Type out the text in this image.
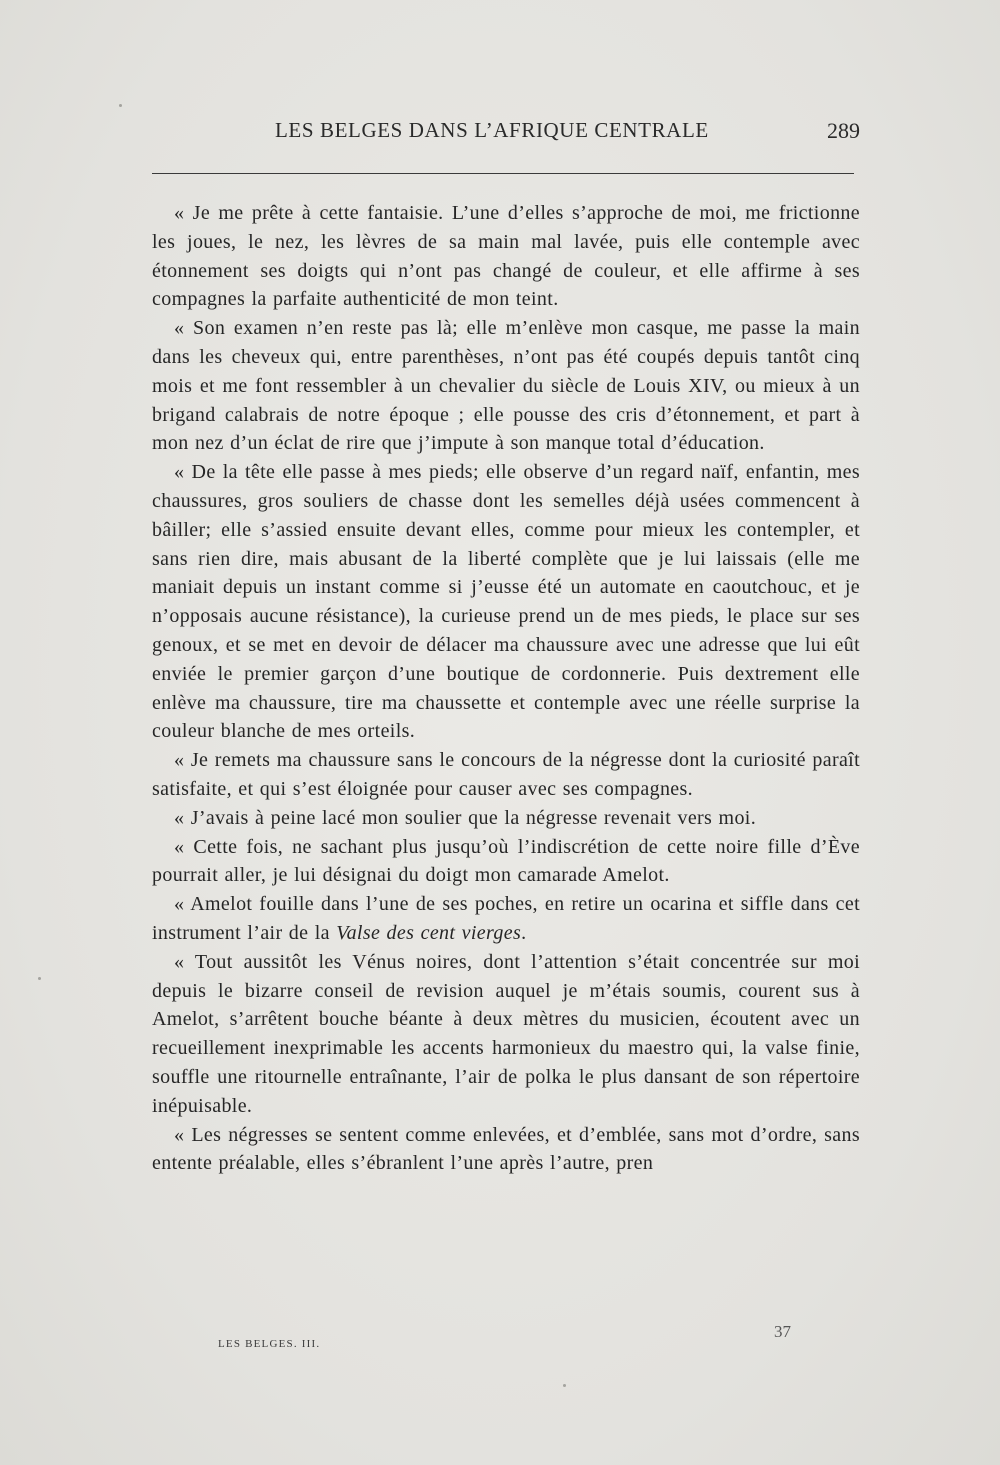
LES BELGES DANS L’AFRIQUE CENTRALE	289

« Je me prête à cette fantaisie. L’une d’elles s’approche de moi, me frictionne les joues, le nez, les lèvres de sa main mal lavée, puis elle contemple avec étonnement ses doigts qui n’ont pas changé de couleur, et elle affirme à ses compagnes la parfaite authenticité de mon teint.

« Son examen n’en reste pas là; elle m’enlève mon casque, me passe la main dans les cheveux qui, entre parenthèses, n’ont pas été coupés depuis tantôt cinq mois et me font ressembler à un chevalier du siècle de Louis XIV, ou mieux à un brigand calabrais de notre époque ; elle pousse des cris d’étonnement, et part à mon nez d’un éclat de rire que j’impute à son manque total d’éducation.

« De la tête elle passe à mes pieds; elle observe d’un regard naïf, enfantin, mes chaussures, gros souliers de chasse dont les semelles déjà usées commencent à bâiller; elle s’assied ensuite devant elles, comme pour mieux les contempler, et sans rien dire, mais abusant de la liberté complète que je lui laissais (elle me maniait depuis un instant comme si j’eusse été un automate en caoutchouc, et je n’opposais aucune résistance), la curieuse prend un de mes pieds, le place sur ses genoux, et se met en devoir de délacer ma chaussure avec une adresse que lui eût enviée le premier garçon d’une boutique de cordonnerie. Puis dextrement elle enlève ma chaussure, tire ma chaussette et contemple avec une réelle surprise la couleur blanche de mes orteils.

« Je remets ma chaussure sans le concours de la négresse dont la curiosité paraît satisfaite, et qui s’est éloignée pour causer avec ses compagnes.

« J’avais à peine lacé mon soulier que la négresse revenait vers moi.

« Cette fois, ne sachant plus jusqu’où l’indiscrétion de cette noire fille d’Ève pourrait aller, je lui désignai du doigt mon camarade Amelot.

« Amelot fouille dans l’une de ses poches, en retire un ocarina et siffle dans cet instrument l’air de la Valse des cent vierges.

« Tout aussitôt les Vénus noires, dont l’attention s’était concentrée sur moi depuis le bizarre conseil de revision auquel je m’étais soumis, courent sus à Amelot, s’arrêtent bouche béante à deux mètres du musicien, écoutent avec un recueillement inexprimable les accents harmonieux du maestro qui, la valse finie, souffle une ritournelle entraînante, l’air de polka le plus dansant de son répertoire inépuisable.

« Les négresses se sentent comme enlevées, et d’emblée, sans mot d’ordre, sans entente préalable, elles s’ébranlent l’une après l’autre, pren

LES BELGES. III.
37
